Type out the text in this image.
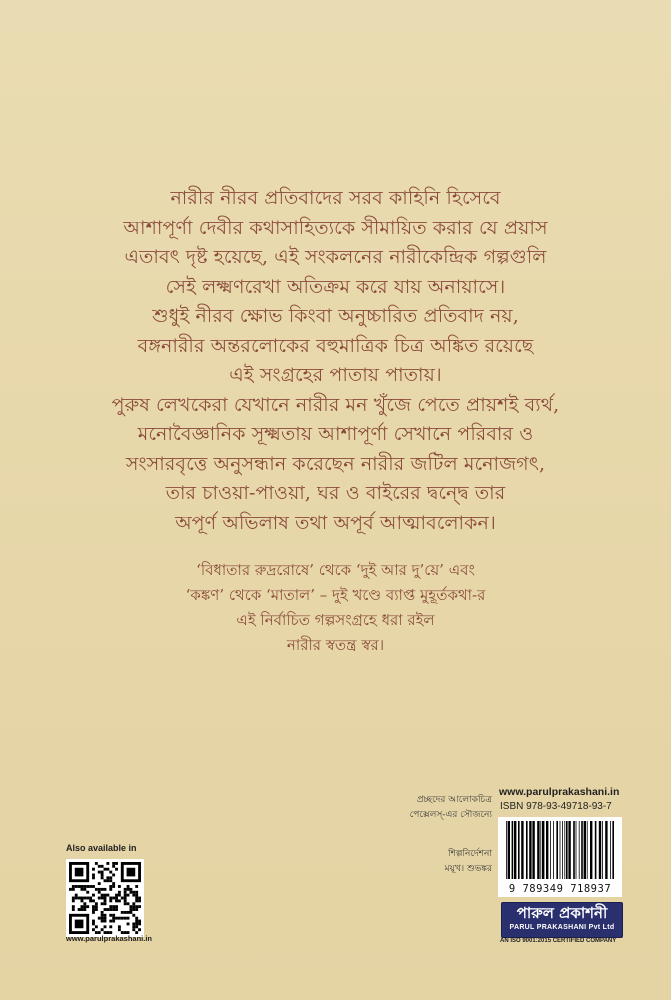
নারীর নীরব প্রতিবাদের সরব কাহিনি হিসেবে

আশাপূর্ণা দেবীর কথাসাহিত্যকে সীমায়িত করার যে প্রয়াস

এতাবৎ দৃষ্ট হয়েছে, এই সংকলনের নারীকেন্দ্রিক গল্পগুলি

সেই লক্ষ্মণরেখা অতিক্রম করে যায় অনায়াসে।

শুধুই নীরব ক্ষোভ কিংবা অনুচ্চারিত প্রতিবাদ নয়,

বঙ্গনারীর অন্তরলোকের বহুমাত্রিক চিত্র অঙ্কিত রয়েছে

এই সংগ্রহের পাতায় পাতায়।

পুরুষ লেখকেরা যেখানে নারীর মন খুঁজে পেতে প্রায়শই ব্যর্থ,

মনোবৈজ্ঞানিক সূক্ষ্মতায় আশাপূর্ণা সেখানে পরিবার ও

সংসারবৃত্তে অনুসন্ধান করেছেন নারীর জটিল মনোজগৎ,

তার চাওয়া-পাওয়া, ঘর ও বাইরের দ্বন্দ্বে তার

অপূর্ণ অভিলাষ তথা অপূর্ব আত্মাবলোকন।

‘বিধাতার রুদ্ররোষে’ থেকে ‘দুই আর দু’য়ে’ এবং

‘কঙ্কণ’ থেকে ‘মাতাল’ – দুই খণ্ডে ব্যাপ্ত মুহূর্তকথা-র

এই নির্বাচিত গল্পসংগ্রহে ধরা রইল

নারীর স্বতন্ত্র স্বর।

প্রচ্ছদের আলোকচিত্র

পেক্সেলস্-এর সৌজন্যে

শিল্পনির্দেশনা

ময়ূখ। শুভঙ্কর

Also available in
www.parulprakashani.in
www.parulprakashani.in
ISBN 978-93-49718-93-7
9 789349 718937
পারুল প্রকাশনী
PARUL PRAKASHANI Pvt Ltd
AN ISO 9001:2015 CERTIFIED COMPANY
